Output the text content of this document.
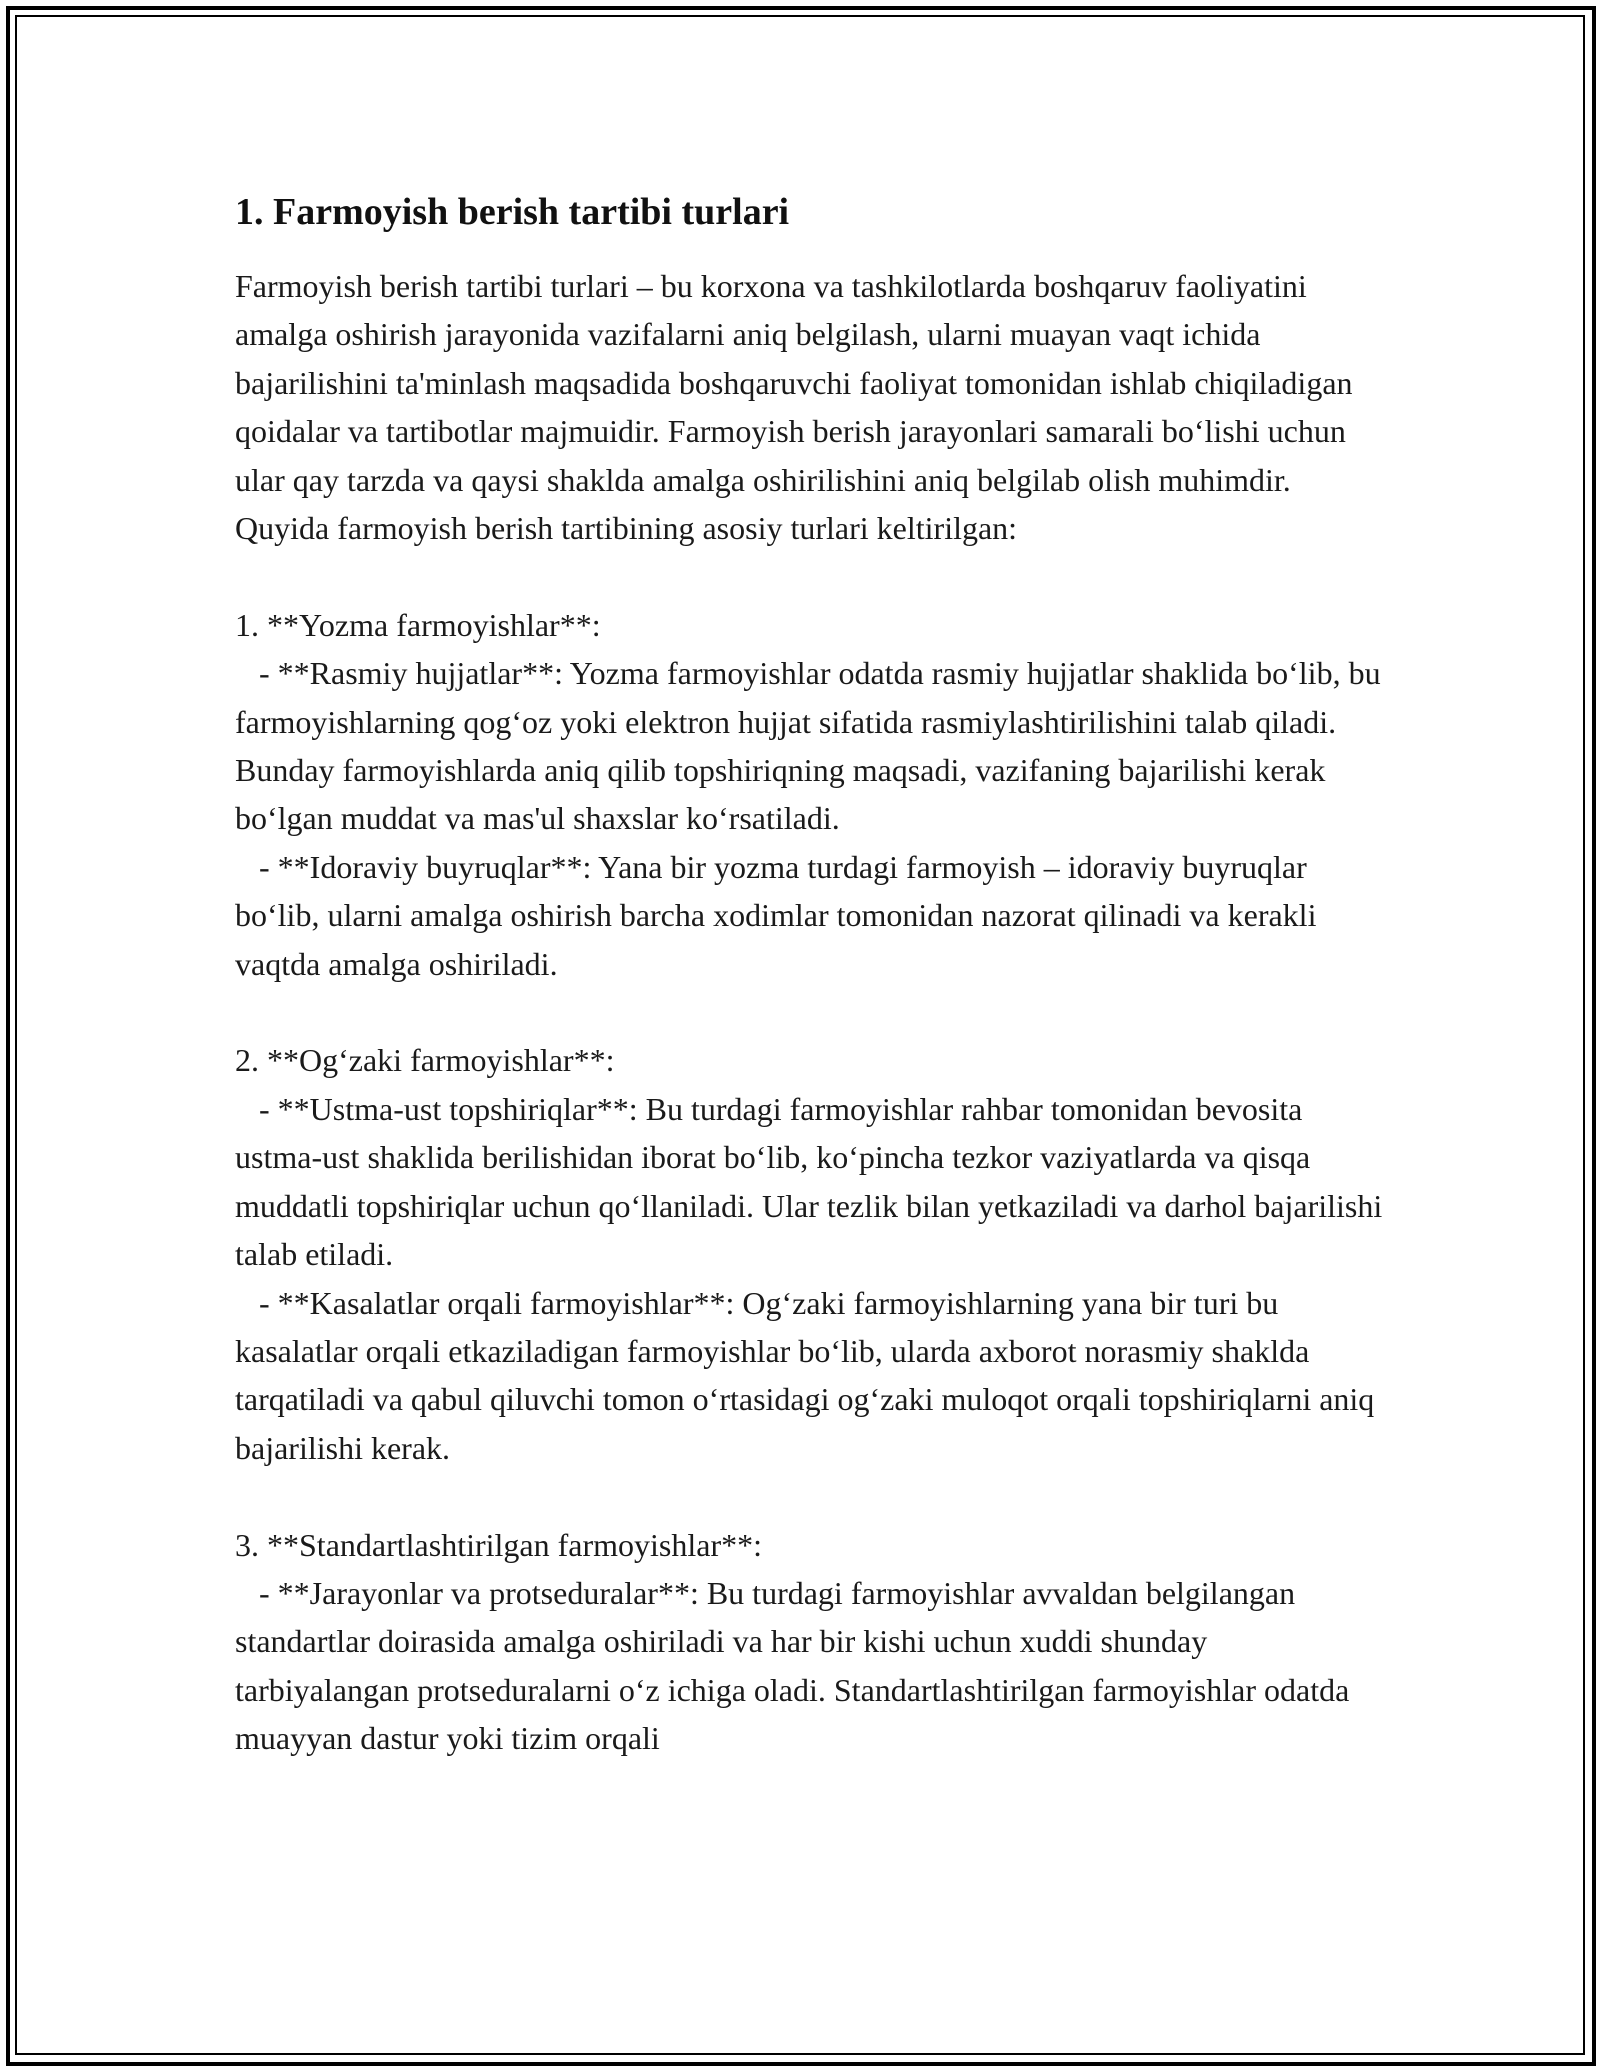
1. Farmoyish berish tartibi turlari

Farmoyish berish tartibi turlari – bu korxona va tashkilotlarda boshqaruv faoliyatini amalga oshirish jarayonida vazifalarni aniq belgilash, ularni muayan vaqt ichida bajarilishini ta'minlash maqsadida boshqaruvchi faoliyat tomonidan ishlab chiqiladigan qoidalar va tartibotlar majmuidir. Farmoyish berish jarayonlari samarali bo‘lishi uchun ular qay tarzda va qaysi shaklda amalga oshirilishini aniq belgilab olish muhimdir. Quyida farmoyish berish tartibining asosiy turlari keltirilgan:

1. **Yozma farmoyishlar**:

- **Rasmiy hujjatlar**: Yozma farmoyishlar odatda rasmiy hujjatlar shaklida bo‘lib, bu farmoyishlarning qog‘oz yoki elektron hujjat sifatida rasmiylashtirilishini talab qiladi. Bunday farmoyishlarda aniq qilib topshiriqning maqsadi, vazifaning bajarilishi kerak bo‘lgan muddat va mas'ul shaxslar ko‘rsatiladi.

- **Idoraviy buyruqlar**: Yana bir yozma turdagi farmoyish – idoraviy buyruqlar bo‘lib, ularni amalga oshirish barcha xodimlar tomonidan nazorat qilinadi va kerakli vaqtda amalga oshiriladi.

2. **Og‘zaki farmoyishlar**:

- **Ustma-ust topshiriqlar**: Bu turdagi farmoyishlar rahbar tomonidan bevosita ustma-ust shaklida berilishidan iborat bo‘lib, ko‘pincha tezkor vaziyatlarda va qisqa muddatli topshiriqlar uchun qo‘llaniladi. Ular tezlik bilan yetkaziladi va darhol bajarilishi talab etiladi.

- **Kasalatlar orqali farmoyishlar**: Og‘zaki farmoyishlarning yana bir turi bu kasalatlar orqali etkaziladigan farmoyishlar bo‘lib, ularda axborot norasmiy shaklda tarqatiladi va qabul qiluvchi tomon o‘rtasidagi og‘zaki muloqot orqali topshiriqlarni aniq bajarilishi kerak.

3. **Standartlashtirilgan farmoyishlar**:

- **Jarayonlar va protseduralar**: Bu turdagi farmoyishlar avvaldan belgilangan standartlar doirasida amalga oshiriladi va har bir kishi uchun xuddi shunday tarbiyalangan protseduralarni o‘z ichiga oladi. Standartlashtirilgan farmoyishlar odatda muayyan dastur yoki tizim orqali
